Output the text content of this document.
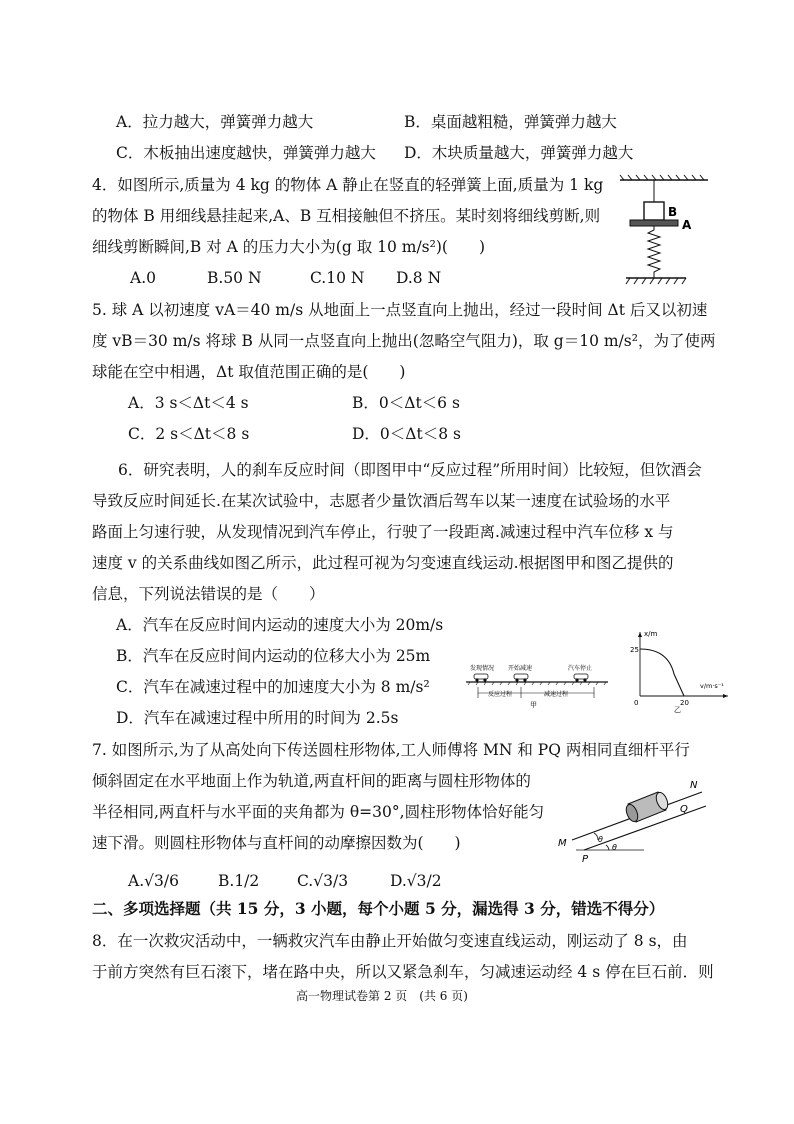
A．拉力越大，弹簧弹力越大	B．桌面越粗糙，弹簧弹力越大
C．木板抽出速度越快，弹簧弹力越大 D．木块质量越大，弹簧弹力越大
4．如图所示,质量为 4 kg 的物体 A 静止在竖直的轻弹簧上面,质量为 1 kg
的物体 B 用细线悬挂起来,A、B 互相接触但不挤压。某时刻将细线剪断,则
细线剪断瞬间,B 对 A 的压力大小为(g 取 10 m/s²)(　　)
A.0	B.50 N	C.10 N D.8 N
B
A
5. 球 A 以初速度 vA＝40 m/s 从地面上一点竖直向上抛出，经过一段时间 Δt 后又以初速
度 vB＝30 m/s 将球 B 从同一点竖直向上抛出(忽略空气阻力)，取 g＝10 m/s²，为了使两
球能在空中相遇，Δt 取值范围正确的是(　　)
A．3 s＜Δt＜4 s	B．0＜Δt＜6 s
C．2 s＜Δt＜8 s	D．0＜Δt＜8 s
6．研究表明，人的刹车反应时间（即图甲中“反应过程”所用时间）比较短，但饮酒会
导致反应时间延长.在某次试验中，志愿者少量饮酒后驾车以某一速度在试验场的水平
路面上匀速行驶，从发现情况到汽车停止，行驶了一段距离.减速过程中汽车位移 x 与
速度 v 的关系曲线如图乙所示，此过程可视为匀变速直线运动.根据图甲和图乙提供的
信息，下列说法错误的是（　　）
A．汽车在反应时间内运动的速度大小为 20m/s
B．汽车在反应时间内运动的位移大小为 25m
C．汽车在减速过程中的加速度大小为 8 m/s²
D．汽车在减速过程中所用的时间为 2.5s
发现情况 开始减速	汽车停止
反应过程	减速过程
甲
x/m
v/m·s⁻¹
25
20
0
乙
7. 如图所示,为了从高处向下传送圆柱形物体,工人师傅将 MN 和 PQ 两相同直细杆平行
倾斜固定在水平地面上作为轨道,两直杆间的距离与圆柱形物体的
半径相同,两直杆与水平面的夹角都为 θ=30°,圆柱形物体恰好能匀
速下滑。则圆柱形物体与直杆间的动摩擦因数为(　　)	M
N
P
Q
θ
θ
A.√3/6	B.1/2 C.√3/3	D.√3/2
二、多项选择题（共 15 分，3 小题，每个小题 5 分，漏选得 3 分，错选不得分）
8．在一次救灾活动中，一辆救灾汽车由静止开始做匀变速直线运动，刚运动了 8 s，由
于前方突然有巨石滚下，堵在路中央，所以又紧急刹车，匀减速运动经 4 s 停在巨石前．则
高一物理试卷第 2 页　(共 6 页)
